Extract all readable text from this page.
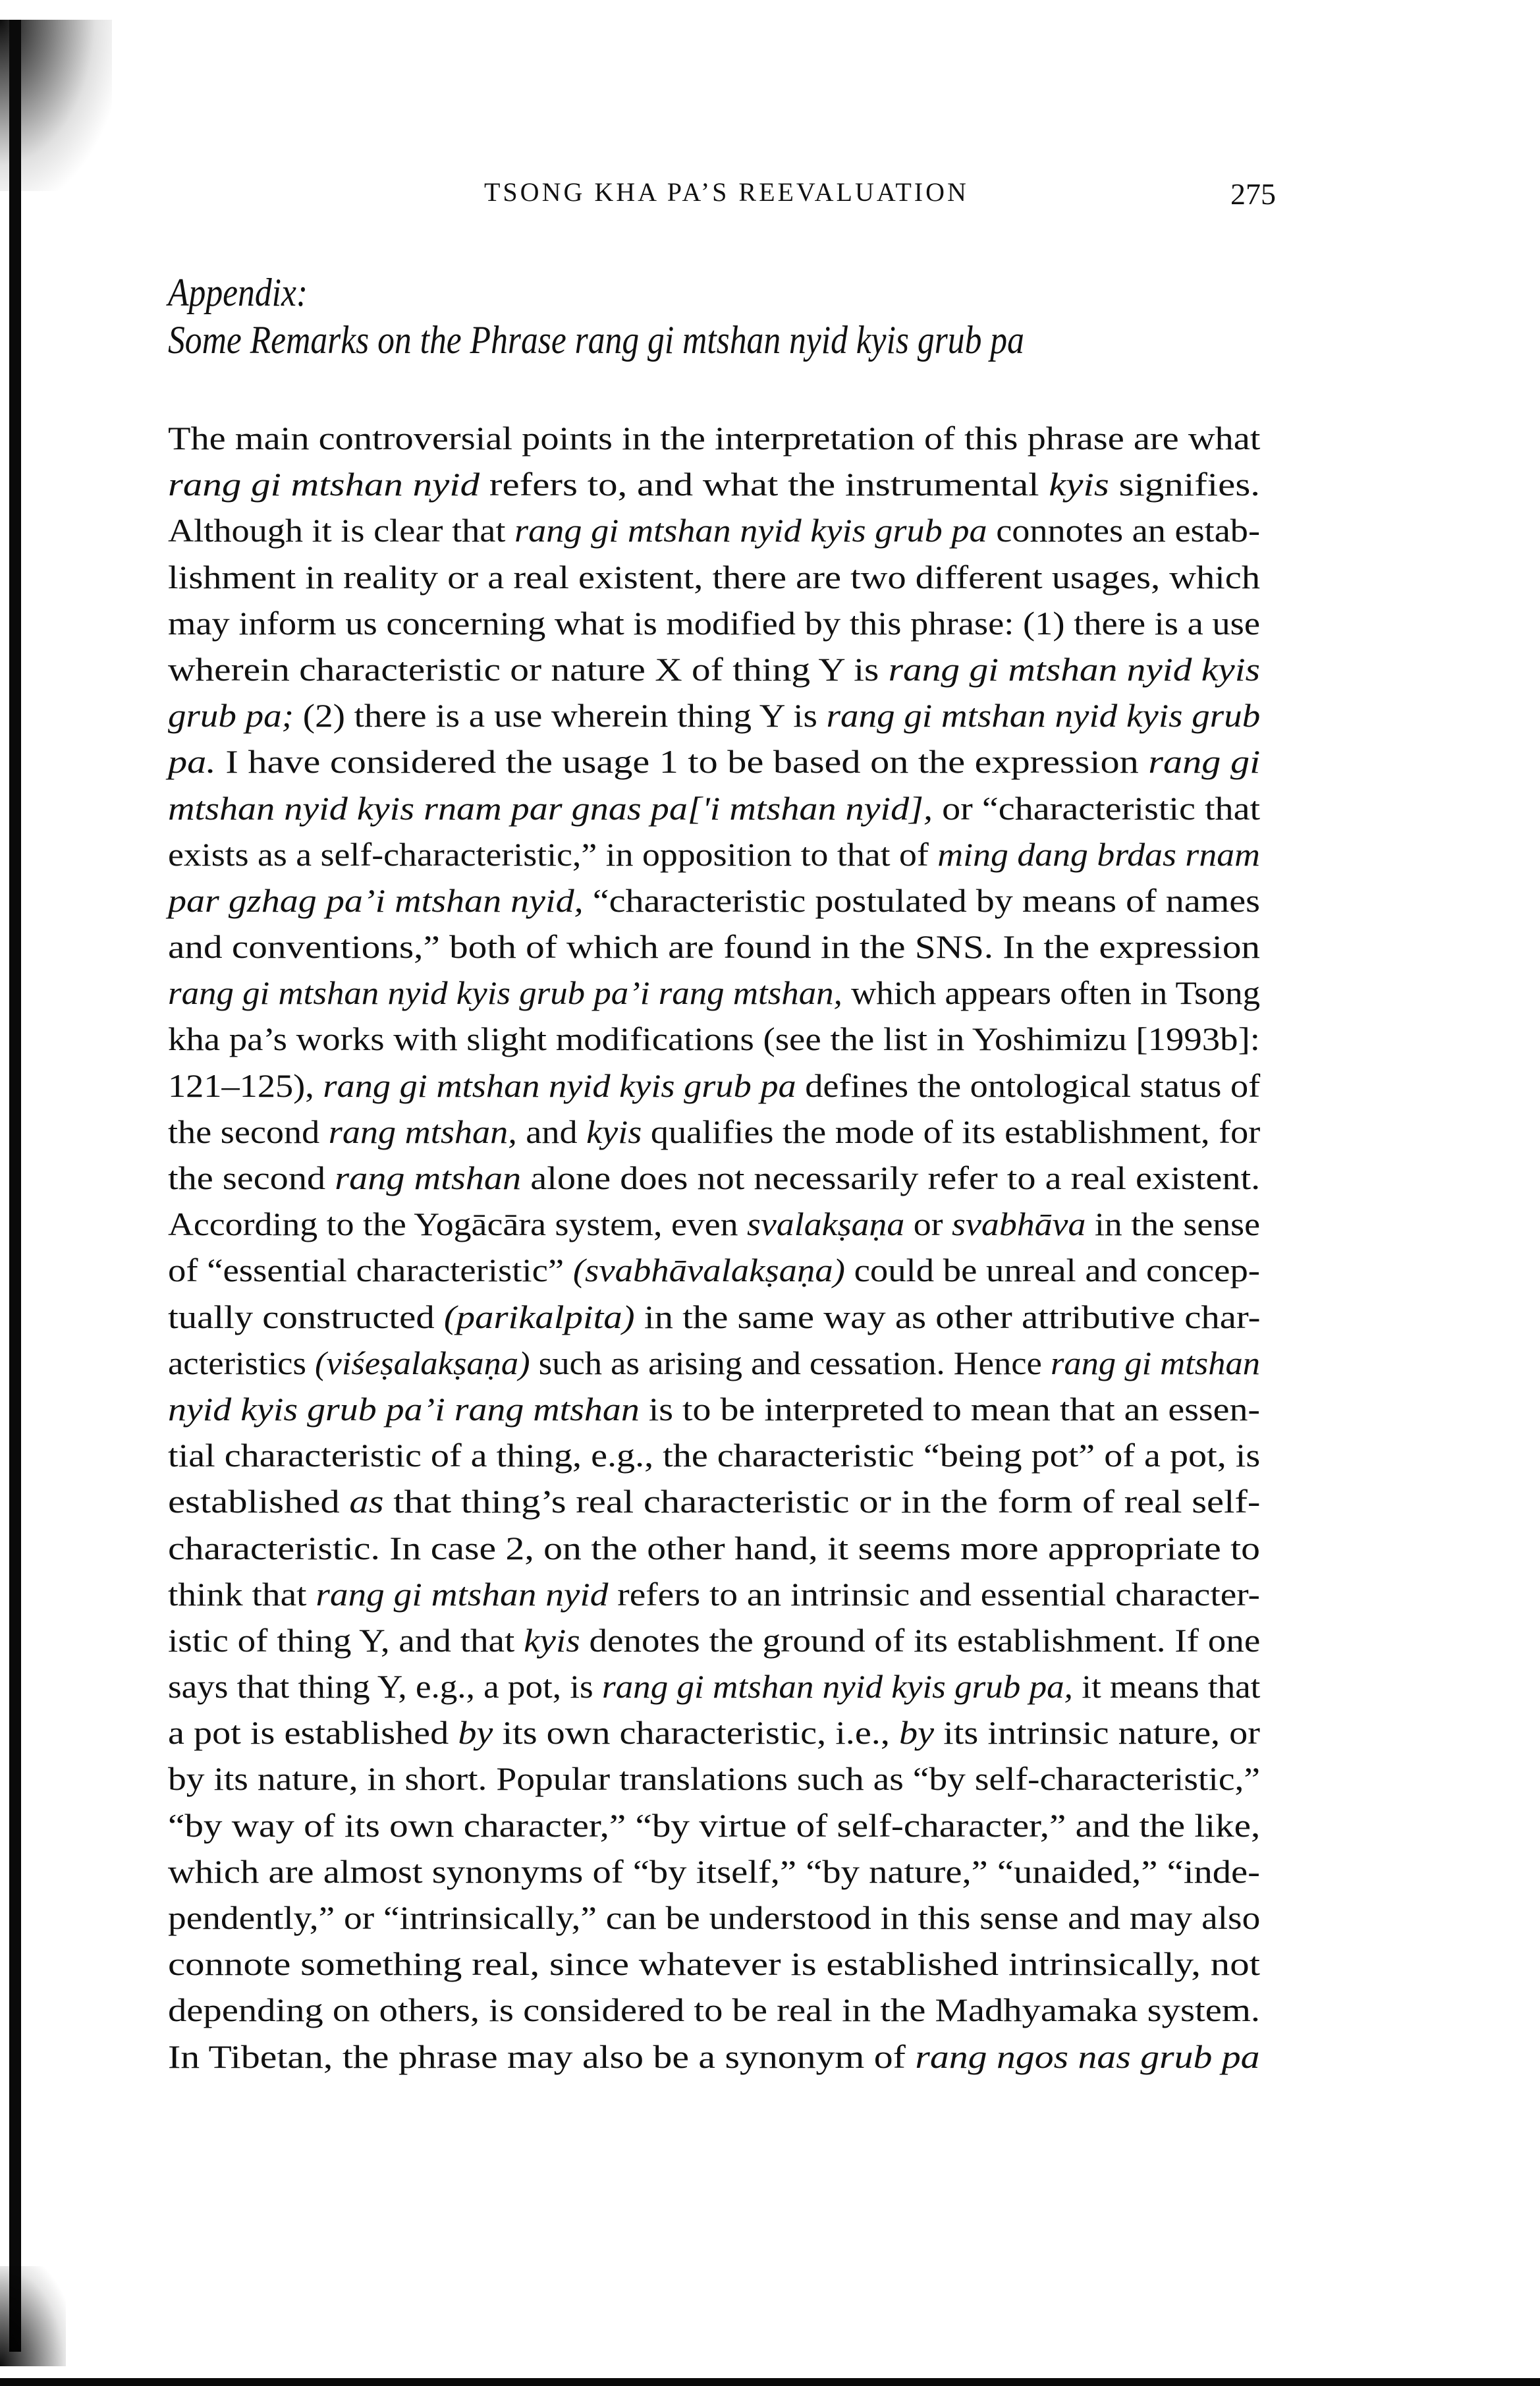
TSONG KHA PA’S REEVALUATION	275
Appendix:
Some Remarks on the Phrase rang gi mtshan nyid kyis grub pa
The main controversial points in the interpretation of this phrase are what
rang gi mtshan nyid refers to, and what the instrumental kyis signifies.
Although it is clear that rang gi mtshan nyid kyis grub pa connotes an estab-
lishment in reality or a real existent, there are two different usages, which
may inform us concerning what is modified by this phrase: (1) there is a use
wherein characteristic or nature X of thing Y is rang gi mtshan nyid kyis
grub pa; (2) there is a use wherein thing Y is rang gi mtshan nyid kyis grub
pa. I have considered the usage 1 to be based on the expression rang gi
mtshan nyid kyis rnam par gnas pa['i mtshan nyid], or “characteristic that
exists as a self-characteristic,” in opposition to that of ming dang brdas rnam
par gzhag pa’i mtshan nyid, “characteristic postulated by means of names
and conventions,” both of which are found in the SNS. In the expression
rang gi mtshan nyid kyis grub pa’i rang mtshan, which appears often in Tsong
kha pa’s works with slight modifications (see the list in Yoshimizu [1993b]:
121–125), rang gi mtshan nyid kyis grub pa defines the ontological status of
the second rang mtshan, and kyis qualifies the mode of its establishment, for
the second rang mtshan alone does not necessarily refer to a real existent.
According to the Yogācāra system, even svalakṣaṇa or svabhāva in the sense
of “essential characteristic” (svabhāvalakṣaṇa) could be unreal and concep-
tually constructed (parikalpita) in the same way as other attributive char-
acteristics (viśeṣalakṣaṇa) such as arising and cessation. Hence rang gi mtshan
nyid kyis grub pa’i rang mtshan is to be interpreted to mean that an essen-
tial characteristic of a thing, e.g., the characteristic “being pot” of a pot, is
established as that thing’s real characteristic or in the form of real self-
characteristic. In case 2, on the other hand, it seems more appropriate to
think that rang gi mtshan nyid refers to an intrinsic and essential character-
istic of thing Y, and that kyis denotes the ground of its establishment. If one
says that thing Y, e.g., a pot, is rang gi mtshan nyid kyis grub pa, it means that
a pot is established by its own characteristic, i.e., by its intrinsic nature, or
by its nature, in short. Popular translations such as “by self-characteristic,”
“by way of its own character,” “by virtue of self-character,” and the like,
which are almost synonyms of “by itself,” “by nature,” “unaided,” “inde-
pendently,” or “intrinsically,” can be understood in this sense and may also
connote something real, since whatever is established intrinsically, not
depending on others, is considered to be real in the Madhyamaka system.
In Tibetan, the phrase may also be a synonym of rang ngos nas grub pa
